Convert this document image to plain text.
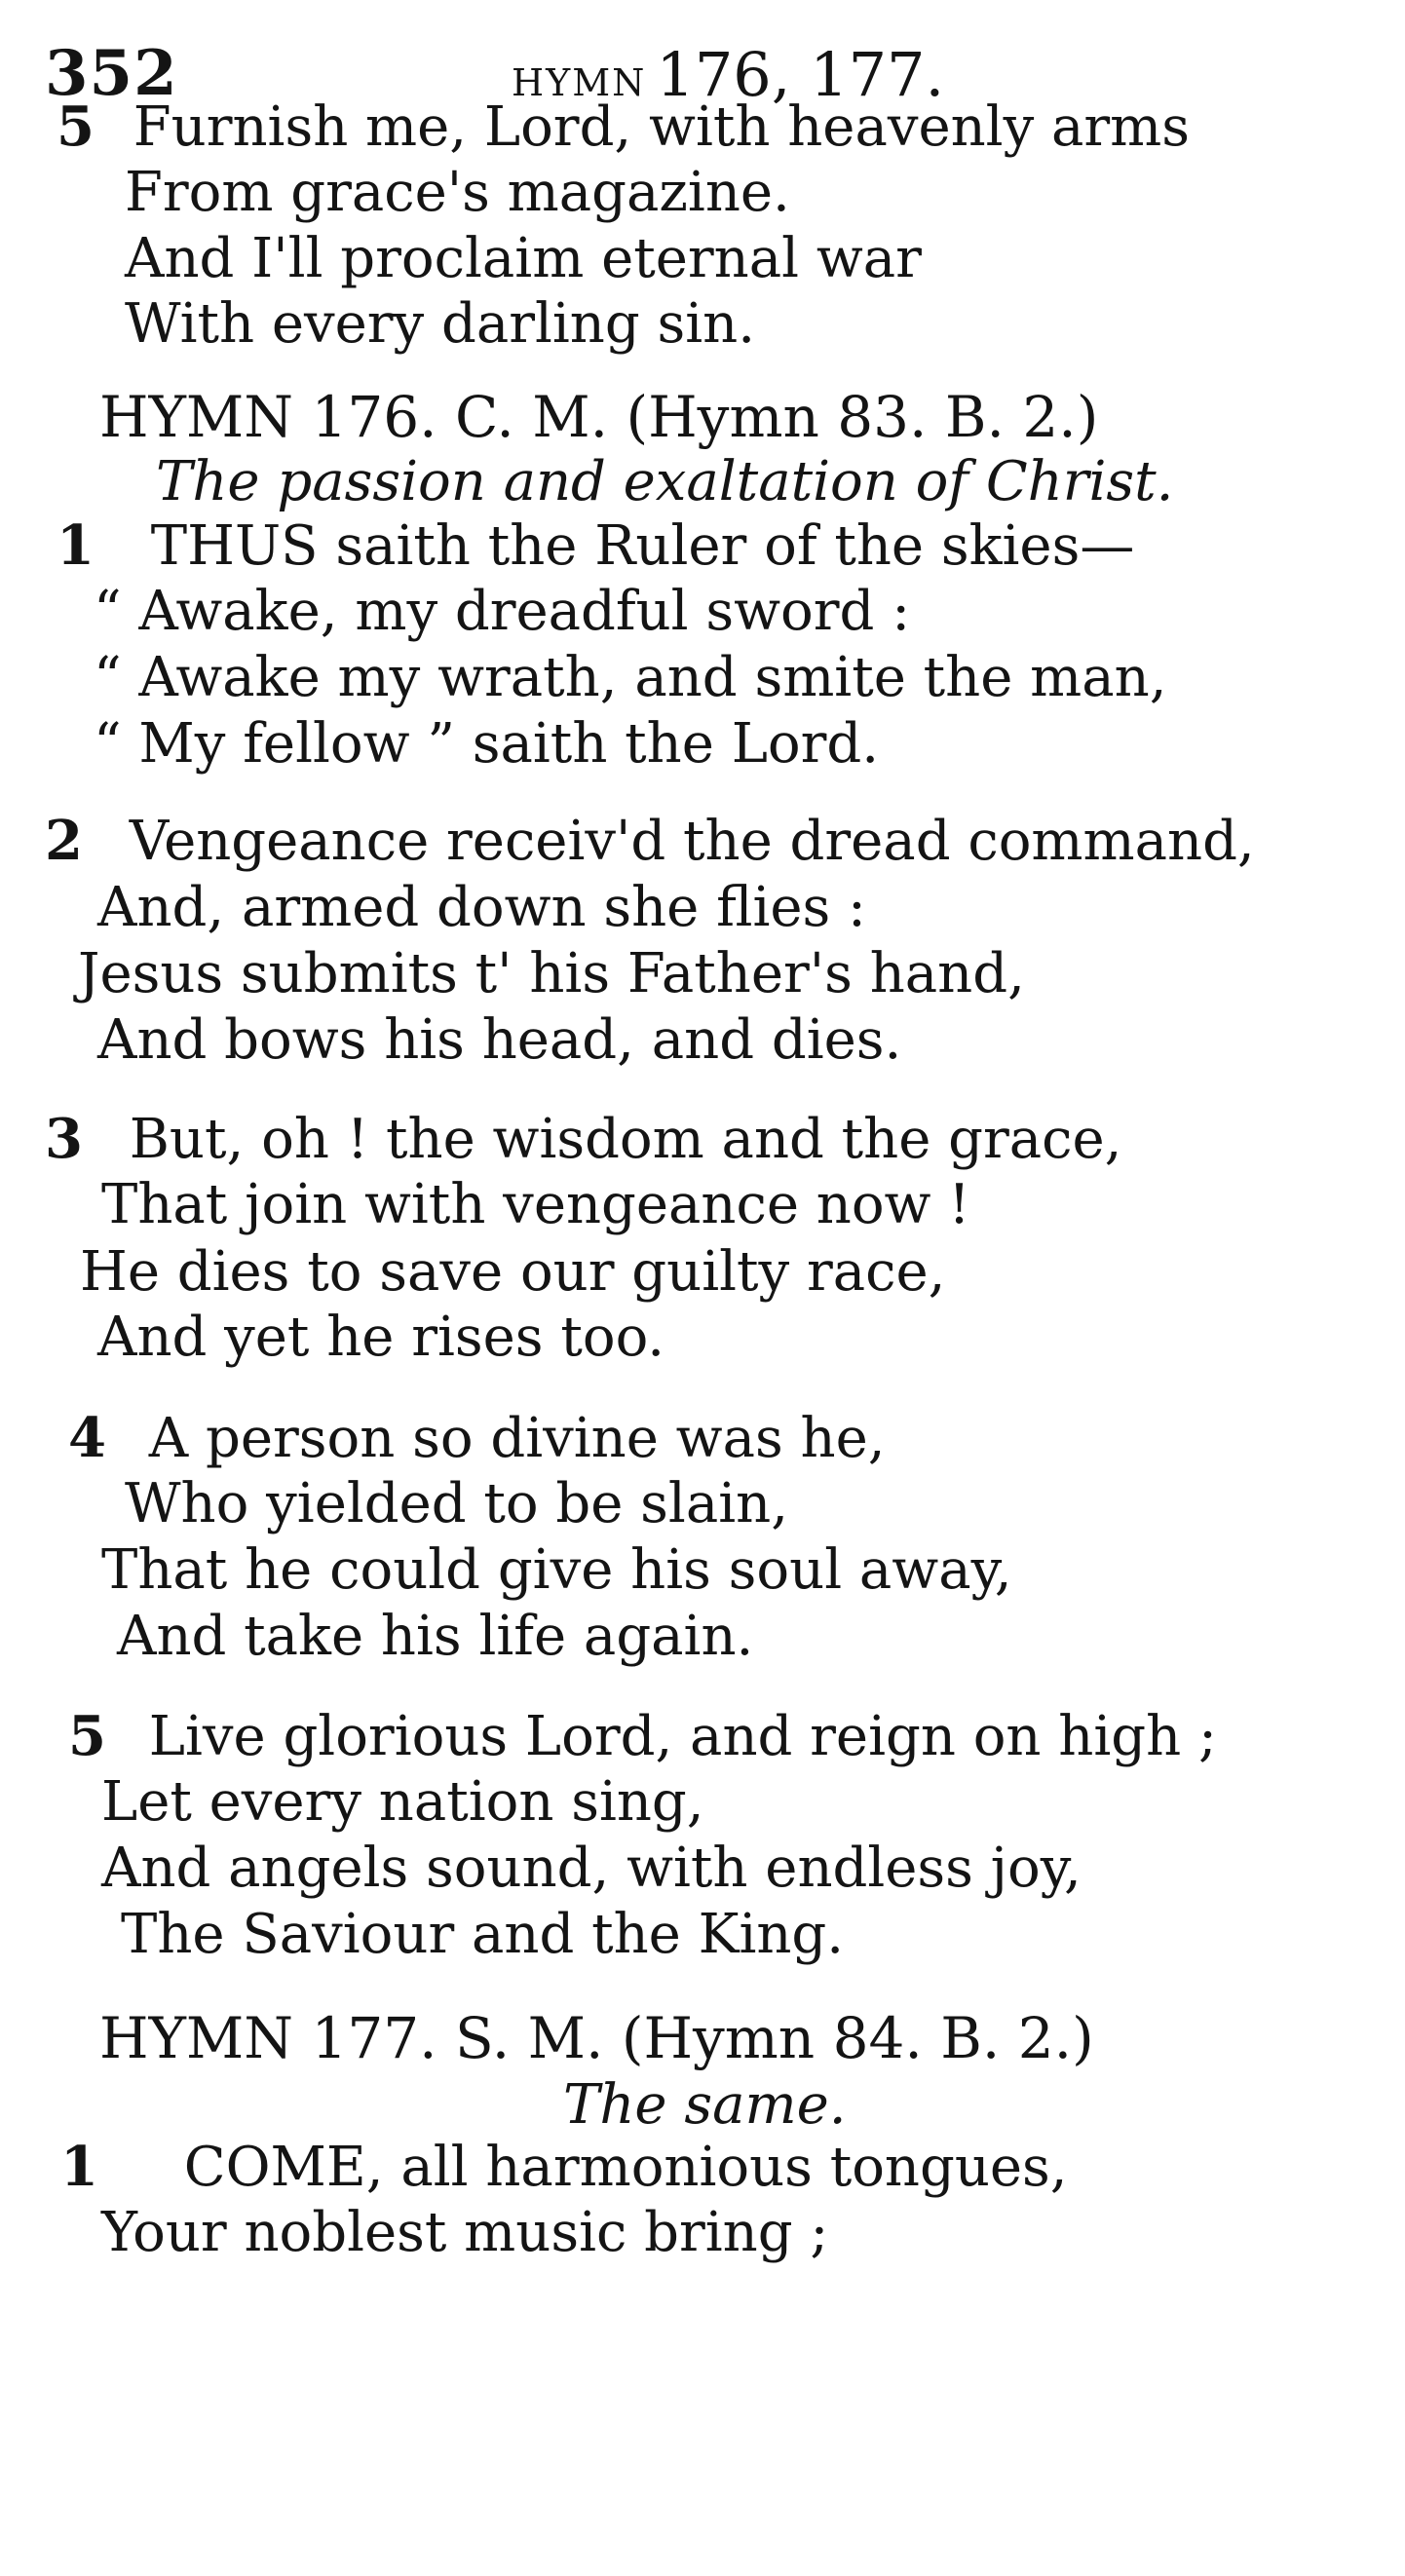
352	HYMN 176, 177.
5 Furnish me, Lord, with heavenly arms
From grace's magazine.
And I'll proclaim eternal war
With every darling sin.
HYMN 176. C. M. (Hymn 83. B. 2.)
The passion and exaltation of Christ.
1 THUS saith the Ruler of the skies—
“ Awake, my dreadful sword :
“ Awake my wrath, and smite the man,
“ My fellow ” saith the Lord.
2 Vengeance receiv'd the dread command,
And, armed down she flies :
Jesus submits t' his Father's hand,
And bows his head, and dies.
3 But, oh ! the wisdom and the grace,
That join with vengeance now !
He dies to save our guilty race,
And yet he rises too.
4 A person so divine was he,
Who yielded to be slain,
That he could give his soul away,
And take his life again.
5 Live glorious Lord, and reign on high ;
Let every nation sing,
And angels sound, with endless joy,
The Saviour and the King.
HYMN 177. S. M. (Hymn 84. B. 2.)
The same.
1 COME, all harmonious tongues,
Your noblest music bring ;
